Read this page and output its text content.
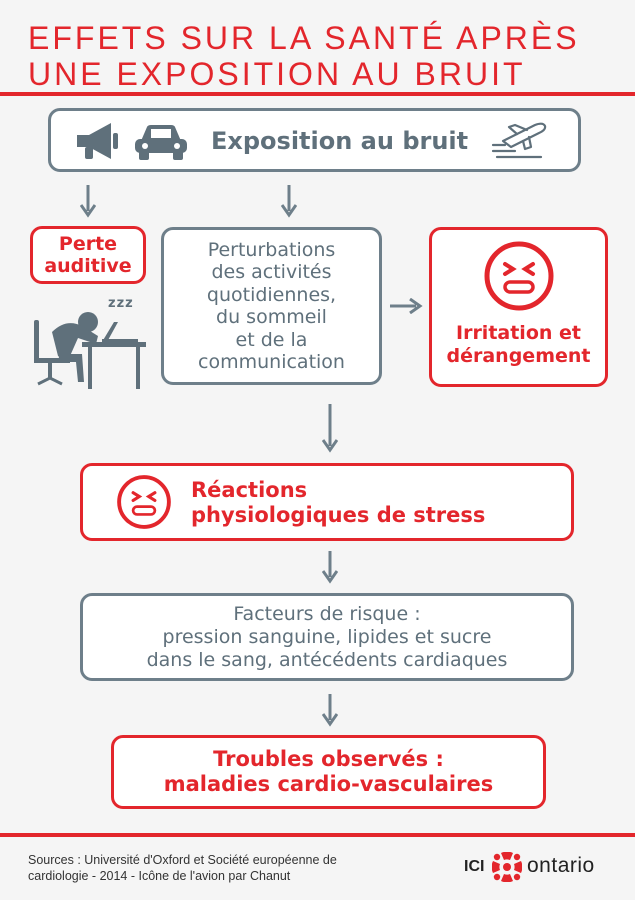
EFFETS SUR LA SANTÉ APRÈS
UNE EXPOSITION AU BRUIT
Exposition au bruit
Perte
auditive
zzz
Perturbations
des activités
quotidiennes,
du sommeil
et de la
communication
Irritation et
dérangement
Réactions
physiologiques de stress
Facteurs de risque :
pression sanguine, lipides et sucre
dans le sang, antécédents cardiaques
Troubles observés :
maladies cardio-vasculaires
Sources : Université d'Oxford et Société européenne de
cardiologie - 2014 - Icône de l'avion par Chanut
ICI ontario
